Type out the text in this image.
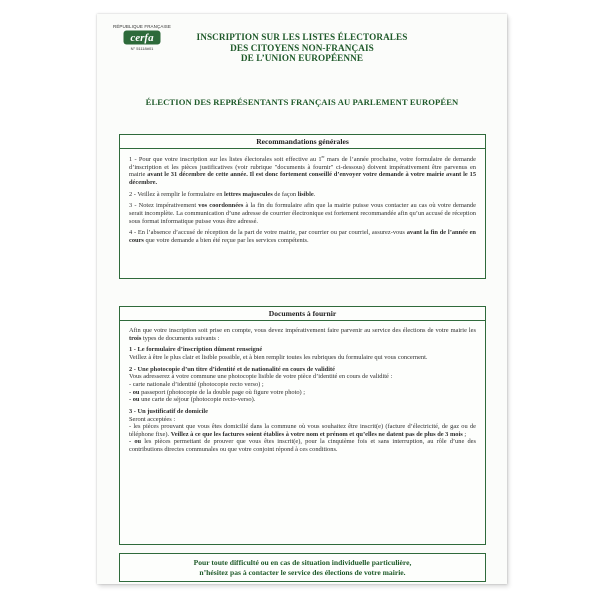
RÉPUBLIQUE FRANÇAISE
cerfa
N° 51118#01
INSCRIPTION SUR LES LISTES ÉLECTORALES
DES CITOYENS NON-FRANÇAIS
DE L’UNION EUROPÉENNE
ÉLECTION DES REPRÉSENTANTS FRANÇAIS AU PARLEMENT EUROPÉEN
Recommandations générales

1 - Pour que votre inscription sur les listes électorales soit effective au 1er mars de l’année prochaine, votre formulaire de demande d’inscription et les pièces justificatives (voir rubrique "documents à fournir" ci-dessous) doivent impérativement être parvenus en mairie avant le 31 décembre de cette année. Il est donc fortement conseillé d’envoyer votre demande à votre mairie avant le 15 décembre.

2 - Veillez à remplir le formulaire en lettres majuscules de façon lisible.

3 - Notez impérativement vos coordonnées à la fin du formulaire afin que la mairie puisse vous contacter au cas où votre demande serait incomplète. La communication d’une adresse de courrier électronique est fortement recommandée afin qu’un accusé de réception sous format informatique puisse vous être adressé.

4 - En l’absence d’accusé de réception de la part de votre mairie, par courrier ou par courriel, assurez-vous avant la fin de l’année en cours que votre demande a bien été reçue par les services compétents.

Documents à fournir

Afin que votre inscription soit prise en compte, vous devez impérativement faire parvenir au service des élections de votre mairie les trois types de documents suivants :

1 - Le formulaire d’inscription dûment renseigné

Veillez à être le plus clair et lisible possible, et à bien remplir toutes les rubriques du formulaire qui vous concernent.

2 - Une photocopie d’un titre d’identité et de nationalité en cours de validité

Vous adresserez à votre commune une photocopie lisible de votre pièce d’identité en cours de validité :

- carte nationale d’identité (photocopie recto verso) ;

- ou passeport (photocopie de la double page où figure votre photo) ;

- ou une carte de séjour (photocopie recto-verso).

3 - Un justificatif de domicile

Seront acceptées :

- les pièces prouvant que vous êtes domicilié dans la commune où vous souhaitez être inscrit(e) (facture d’électricité, de gaz ou de téléphone fixe). Veillez à ce que les factures soient établies à votre nom et prénom et qu’elles ne datent pas de plus de 3 mois ;

- ou les pièces permettant de prouver que vous êtes inscrit(e), pour la cinquième fois et sans interruption, au rôle d’une des contributions directes communales ou que votre conjoint répond à ces conditions.

Pour toute difficulté ou en cas de situation individuelle particulière,
n’hésitez pas à contacter le service des élections de votre mairie.
